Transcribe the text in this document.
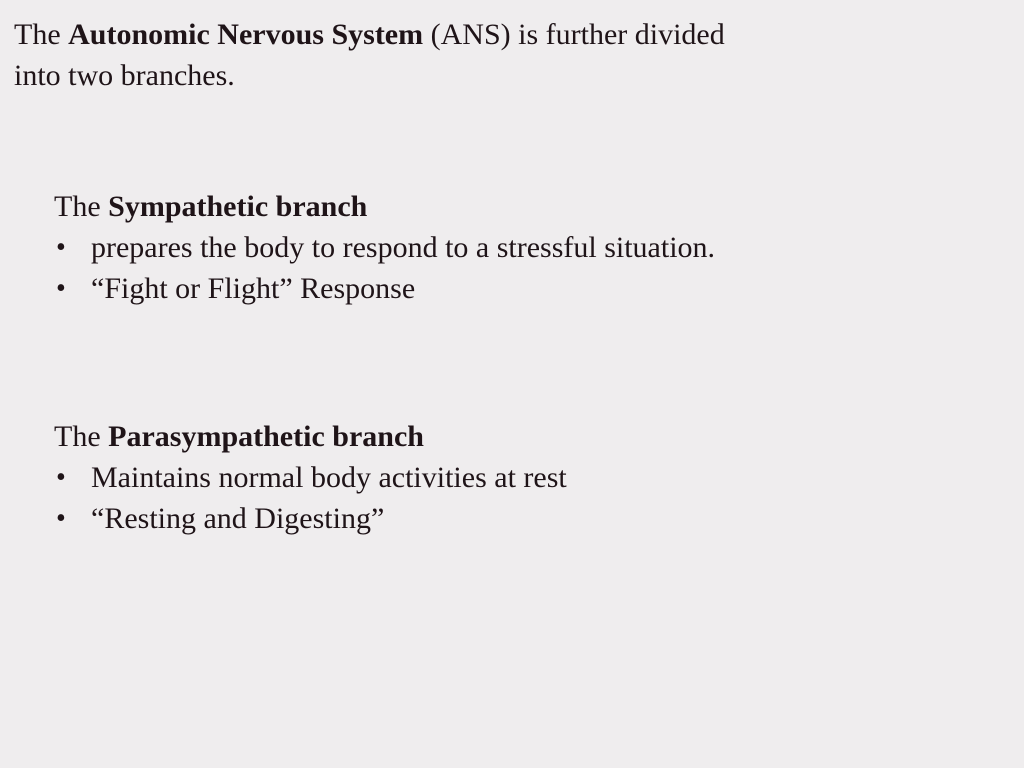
The Autonomic Nervous System (ANS) is further divided into two branches.

The Sympathetic branch

• prepares the body to respond to a stressful situation.
• “Fight or Flight” Response

The Parasympathetic branch

• Maintains normal body activities at rest
• “Resting and Digesting”
